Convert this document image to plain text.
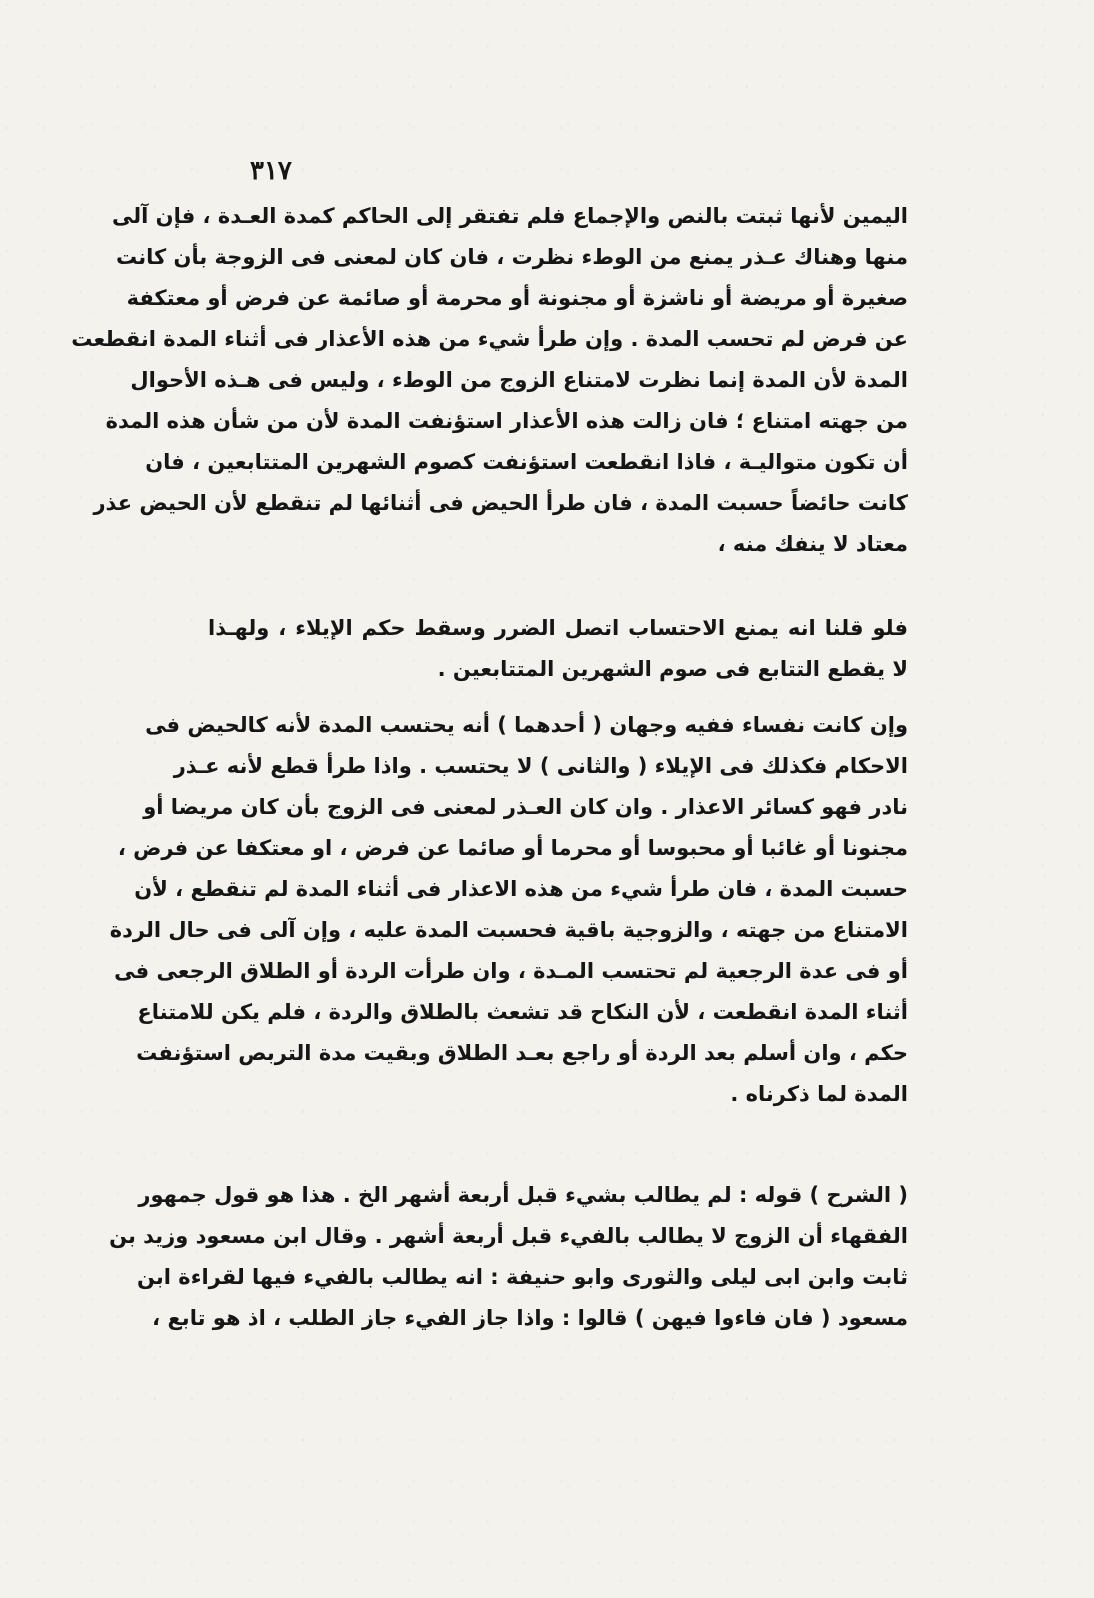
٣١٧
اليمين لأنها ثبتت بالنص والإجماع فلم تفتقر إلى الحاكم كمدة العـدة ، فإن آلى
منها وهناك عـذر يمنع من الوطء نظرت ، فان كان لمعنى فى الزوجة بأن كانت
صغيرة أو مريضة أو ناشزة أو مجنونة أو محرمة أو صائمة عن فرض أو معتكفة
عن فرض لم تحسب المدة . وإن طرأ شيء من هذه الأعذار فى أثناء المدة انقطعت
المدة لأن المدة إنما نظرت لامتناع الزوج من الوطء ، وليس فى هـذه الأحوال
من جهته امتناع ؛ فان زالت هذه الأعذار استؤنفت المدة لأن من شأن هذه المدة
أن تكون متواليـة ، فاذا انقطعت استؤنفت كصوم الشهرين المتتابعين ، فان
كانت حائضاً حسبت المدة ، فان طرأ الحيض فى أثنائها لم تنقطع لأن الحيض عذر
معتاد لا ينفك منه ،
فلو قلنا انه يمنع الاحتساب اتصل الضرر وسقط حكم الإيلاء ، ولهـذا
لا يقطع التتابع فى صوم الشهرين المتتابعين .
وإن كانت نفساء ففيه وجهان ( أحدهما ) أنه يحتسب المدة لأنه كالحيض فى
الاحكام فكذلك فى الإيلاء ( والثانى ) لا يحتسب . واذا طرأ قطع لأنه عـذر
نادر فهو كسائر الاعذار . وان كان العـذر لمعنى فى الزوج بأن كان مريضا أو
مجنونا أو غائبا أو محبوسا أو محرما أو صائما عن فرض ، او معتكفا عن فرض ،
حسبت المدة ، فان طرأ شيء من هذه الاعذار فى أثناء المدة لم تنقطع ، لأن
الامتناع من جهته ، والزوجية باقية فحسبت المدة عليه ، وإن آلى فى حال الردة
أو فى عدة الرجعية لم تحتسب المـدة ، وان طرأت الردة أو الطلاق الرجعى فى
أثناء المدة انقطعت ، لأن النكاح قد تشعث بالطلاق والردة ، فلم يكن للامتناع
حكم ، وان أسلم بعد الردة أو راجع بعـد الطلاق وبقيت مدة التربص استؤنفت
المدة لما ذكرناه .
( الشرح ) قوله : لم يطالب بشيء قبل أربعة أشهر الخ . هذا هو قول جمهور
الفقهاء أن الزوج لا يطالب بالفيء قبل أربعة أشهر . وقال ابن مسعود وزيد بن
ثابت وابن ابى ليلى والثورى وابو حنيفة : انه يطالب بالفيء فيها لقراءة ابن
مسعود ( فان فاءوا فيهن ) قالوا : واذا جاز الفيء جاز الطلب ، اذ هو تابع ،
